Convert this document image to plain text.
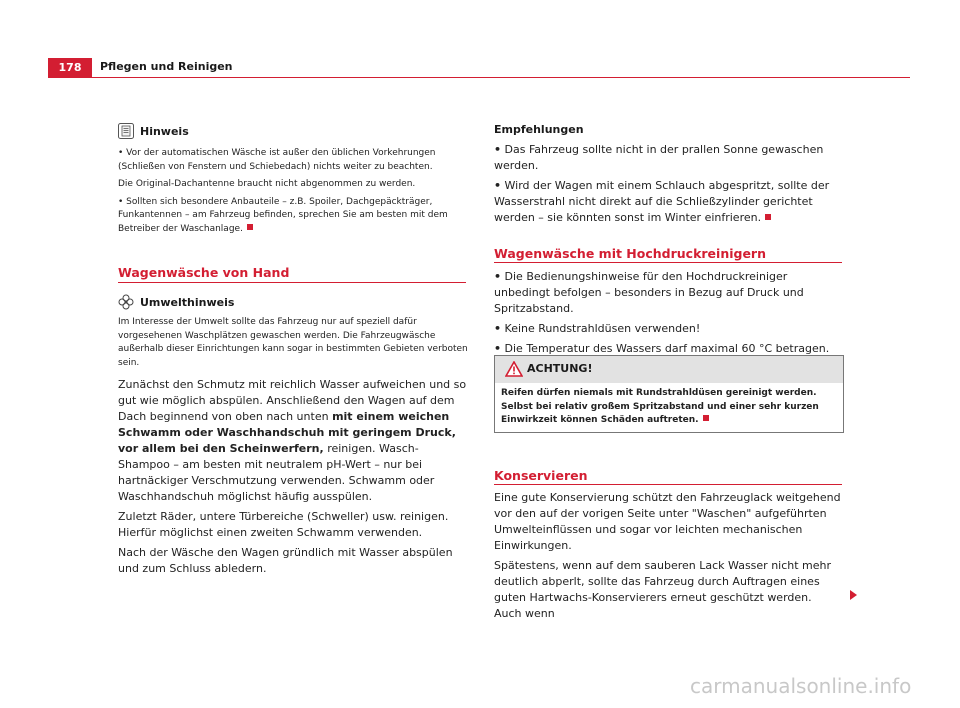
178	Pflegen und Reinigen
Hinweis

• Vor der automatischen Wäsche ist außer den üblichen Vorkehrungen (Schließen von Fenstern und Schiebedach) nichts weiter zu beachten.

Die Original-Dachantenne braucht nicht abgenommen zu werden.

• Sollten sich besondere Anbauteile – z.B. Spoiler, Dachgepäckträger, Funkantennen – am Fahrzeug befinden, sprechen Sie am besten mit dem Betreiber der Waschanlage.

Wagenwäsche von Hand
Umwelthinweis
Im Interesse der Umwelt sollte das Fahrzeug nur auf speziell dafür vorgesehenen Waschplätzen gewaschen werden. Die Fahrzeugwäsche außerhalb dieser Einrichtungen kann sogar in bestimmten Gebieten verboten sein.

Zunächst den Schmutz mit reichlich Wasser aufweichen und so gut wie möglich abspülen. Anschließend den Wagen auf dem Dach beginnend von oben nach unten mit einem weichen Schwamm oder Waschhandschuh mit geringem Druck, vor allem bei den Scheinwerfern, reinigen. Wasch-Shampoo – am besten mit neutralem pH-Wert – nur bei hartnäckiger Verschmutzung verwenden. Schwamm oder Waschhandschuh möglichst häufig ausspülen.

Zuletzt Räder, untere Türbereiche (Schweller) usw. reinigen. Hierfür möglichst einen zweiten Schwamm verwenden.

Nach der Wäsche den Wagen gründlich mit Wasser abspülen und zum Schluss abledern.

Empfehlungen

• Das Fahrzeug sollte nicht in der prallen Sonne gewaschen werden.

• Wird der Wagen mit einem Schlauch abgespritzt, sollte der Wasserstrahl nicht direkt auf die Schließzylinder gerichtet werden – sie könnten sonst im Winter einfrieren.

Wagenwäsche mit Hochdruckreinigern

• Die Bedienungshinweise für den Hochdruckreiniger unbedingt befolgen – besonders in Bezug auf Druck und Spritzabstand.

• Keine Rundstrahldüsen verwenden!

• Die Temperatur des Wassers darf maximal 60 °C betragen.

ACHTUNG!
Reifen dürfen niemals mit Rundstrahldüsen gereinigt werden. Selbst bei relativ großem Spritzabstand und einer sehr kurzen Einwirkzeit können Schäden auftreten.
Konservieren

Eine gute Konservierung schützt den Fahrzeuglack weitgehend vor den auf der vorigen Seite unter "Waschen" aufgeführten Umwelteinflüssen und sogar vor leichten mechanischen Einwirkungen.

Spätestens, wenn auf dem sauberen Lack Wasser nicht mehr deutlich abperlt, sollte das Fahrzeug durch Auftragen eines guten Hartwachs-Konservierers erneut geschützt werden. Auch wenn

carmanualsonline.info
